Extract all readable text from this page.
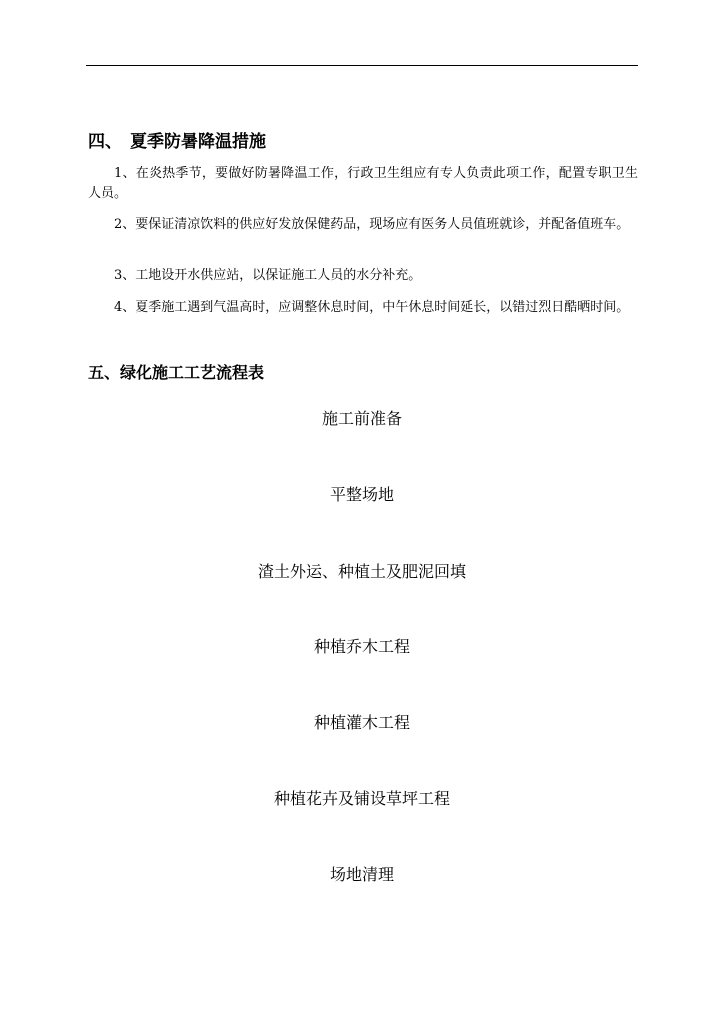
四、 夏季防暑降温措施

1、在炎热季节，要做好防暑降温工作，行政卫生组应有专人负责此项工作，配置专职卫生人员。

2、要保证清凉饮料的供应好发放保健药品，现场应有医务人员值班就诊，并配备值班车。

3、工地设开水供应站，以保证施工人员的水分补充。

4、夏季施工遇到气温高时，应调整休息时间，中午休息时间延长，以错过烈日酷晒时间。

五、绿化施工工艺流程表
施工前准备
平整场地
渣土外运、种植土及肥泥回填
种植乔木工程
种植灌木工程
种植花卉及铺设草坪工程
场地清理
